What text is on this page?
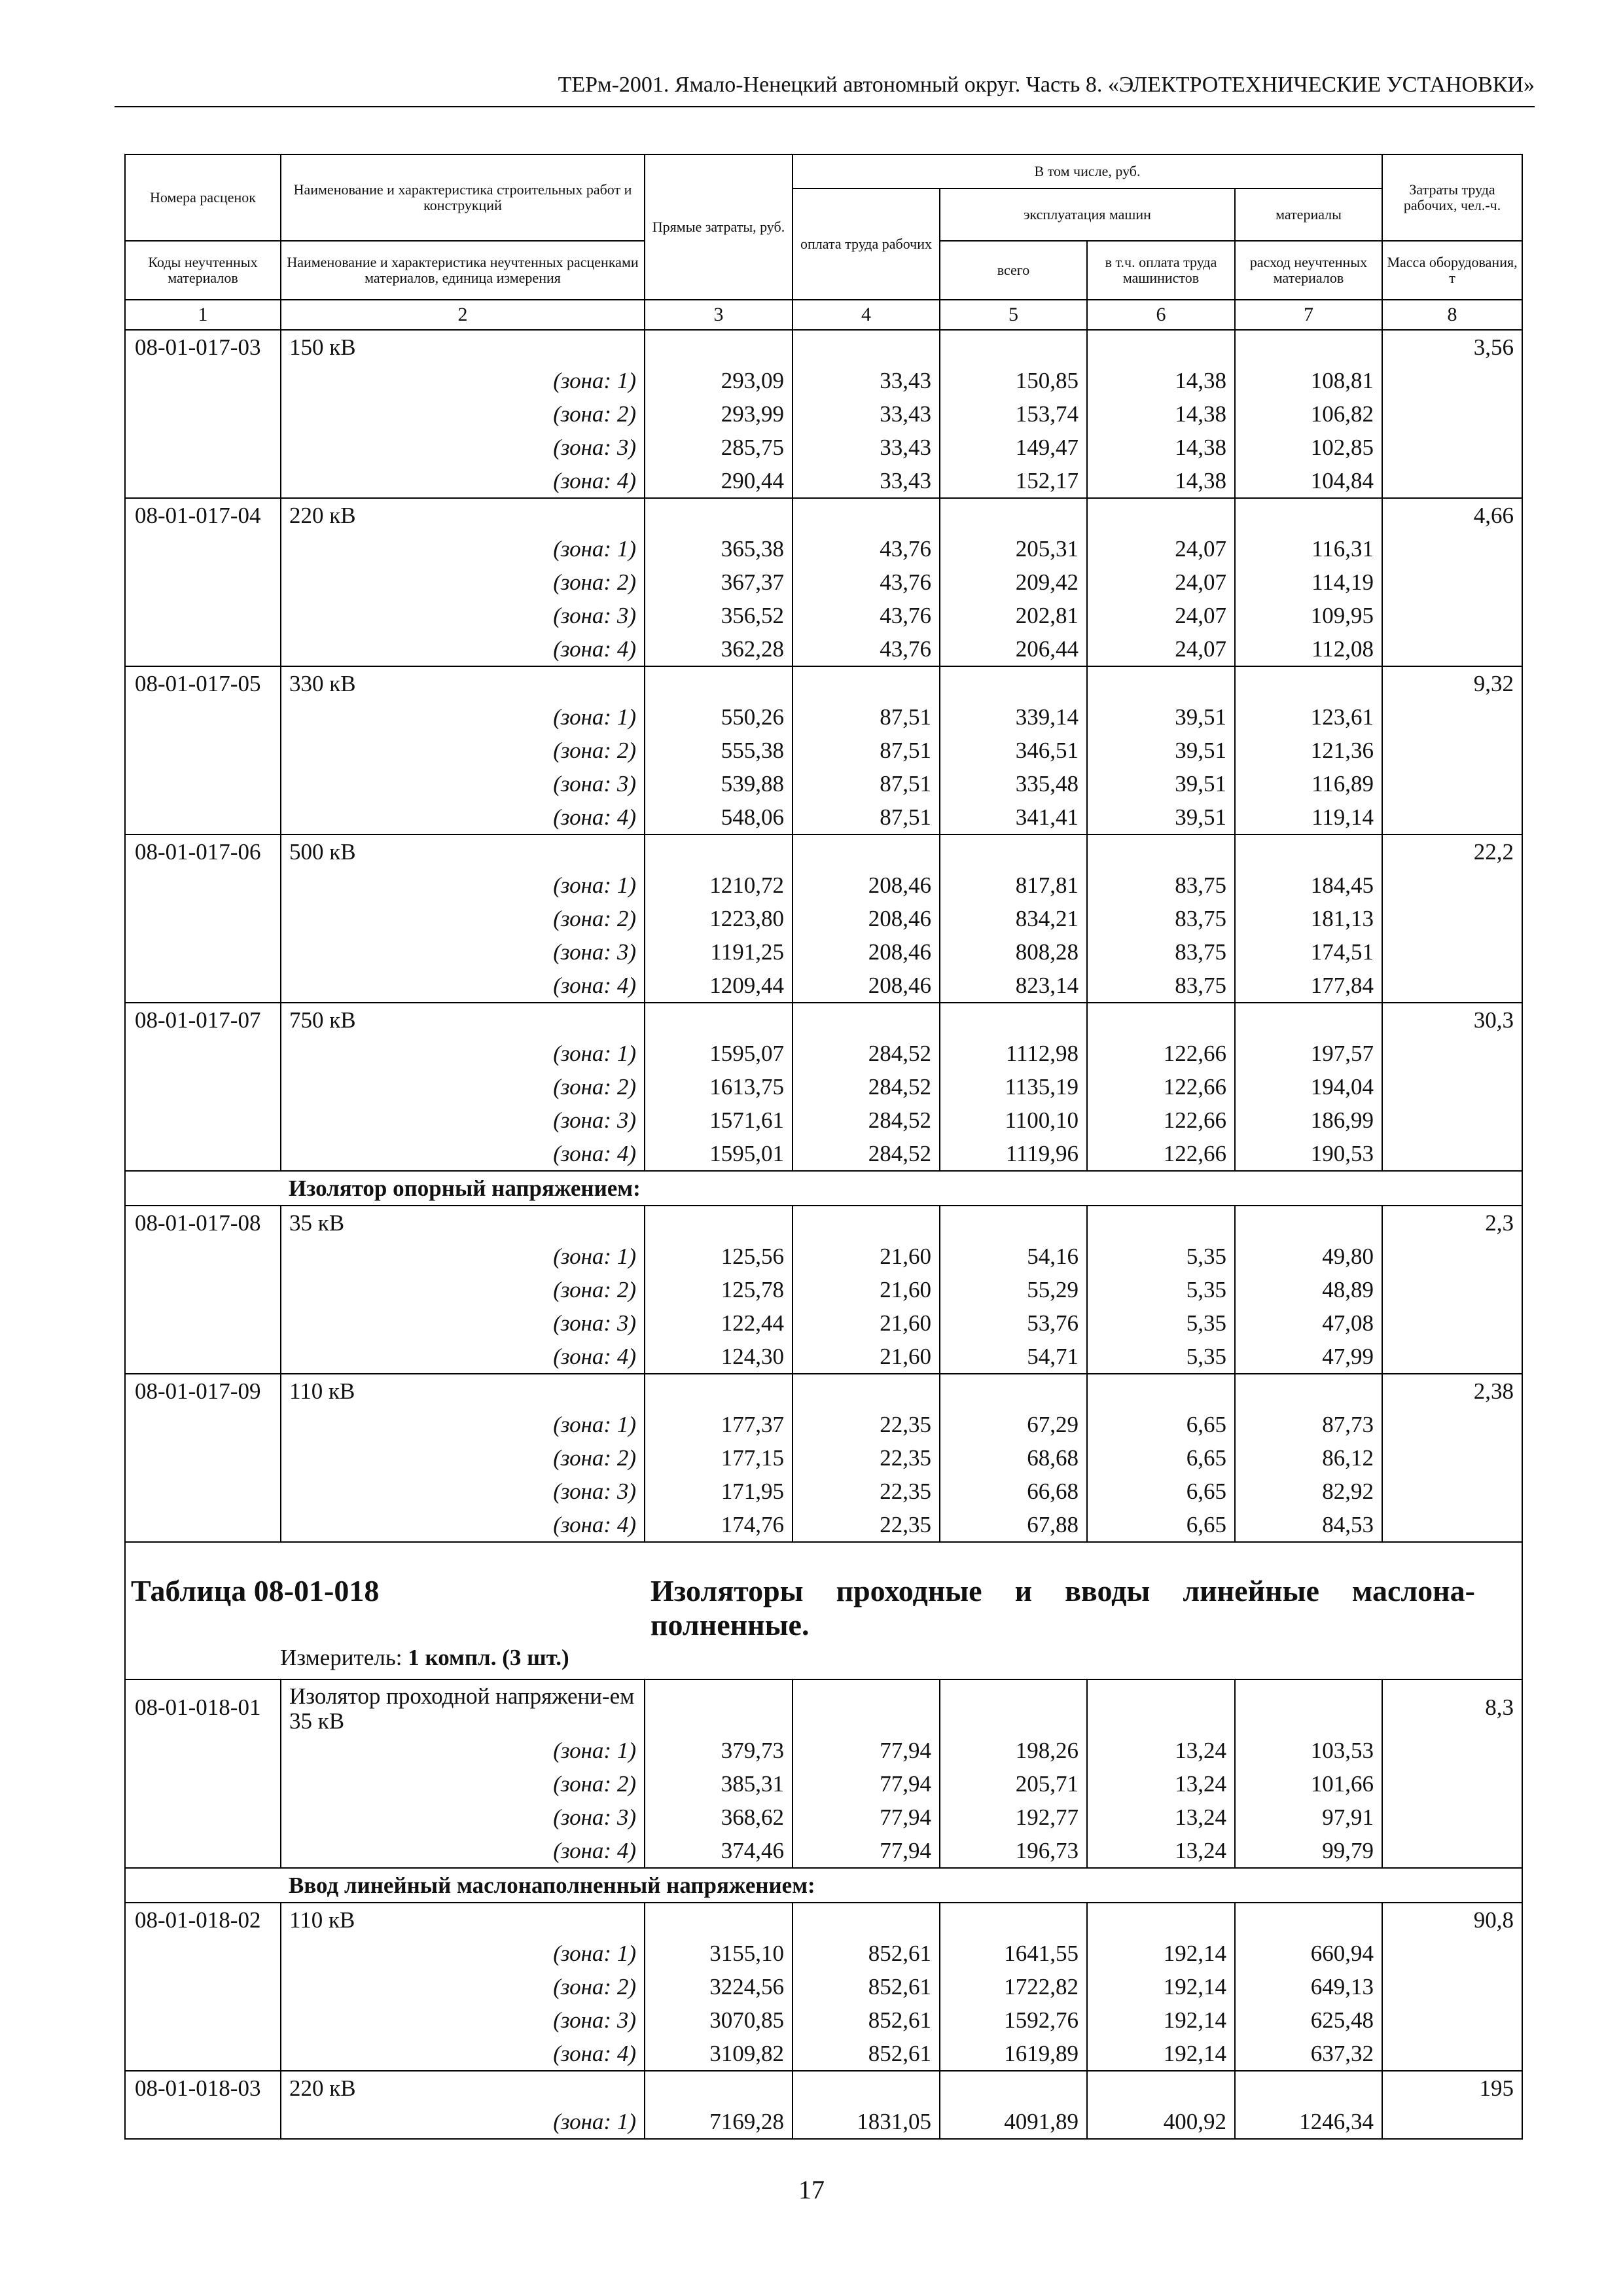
ТЕРм-2001. Ямало-Ненецкий автономный округ. Часть 8. «ЭЛЕКТРОТЕХНИЧЕСКИЕ УСТАНОВКИ»
Номера расценок	Наименование и характеристика строительных работ и конструкций	Прямые затраты, руб.	В том числе, руб.				Затраты труда рабочих, чел.-ч.
			оплата труда рабочих	эксплуатация машин		материалы	
Коды неучтенных материалов	Наименование и характеристика неучтенных расценками материалов, единица измерения			всего	в т.ч. оплата труда машинистов	расход неучтенных материалов	Масса оборудования, т
1	2	3	4	5	6	7	8
08-01-017-03	150 кВ						3,56
	(зона: 1)	293,09	33,43	150,85	14,38	108,81	
	(зона: 2)	293,99	33,43	153,74	14,38	106,82	
	(зона: 3)	285,75	33,43	149,47	14,38	102,85	
	(зона: 4)	290,44	33,43	152,17	14,38	104,84	
08-01-017-04	220 кВ						4,66
	(зона: 1)	365,38	43,76	205,31	24,07	116,31	
	(зона: 2)	367,37	43,76	209,42	24,07	114,19	
	(зона: 3)	356,52	43,76	202,81	24,07	109,95	
	(зона: 4)	362,28	43,76	206,44	24,07	112,08	
08-01-017-05	330 кВ						9,32
	(зона: 1)	550,26	87,51	339,14	39,51	123,61	
	(зона: 2)	555,38	87,51	346,51	39,51	121,36	
	(зона: 3)	539,88	87,51	335,48	39,51	116,89	
	(зона: 4)	548,06	87,51	341,41	39,51	119,14	
08-01-017-06	500 кВ						22,2
	(зона: 1)	1210,72	208,46	817,81	83,75	184,45	
	(зона: 2)	1223,80	208,46	834,21	83,75	181,13	
	(зона: 3)	1191,25	208,46	808,28	83,75	174,51	
	(зона: 4)	1209,44	208,46	823,14	83,75	177,84	
08-01-017-07	750 кВ						30,3
	(зона: 1)	1595,07	284,52	1112,98	122,66	197,57	
	(зона: 2)	1613,75	284,52	1135,19	122,66	194,04	
	(зона: 3)	1571,61	284,52	1100,10	122,66	186,99	
	(зона: 4)	1595,01	284,52	1119,96	122,66	190,53	
	Изолятор опорный напряжением:						
08-01-017-08	35 кВ						2,3
	(зона: 1)	125,56	21,60	54,16	5,35	49,80	
	(зона: 2)	125,78	21,60	55,29	5,35	48,89	
	(зона: 3)	122,44	21,60	53,76	5,35	47,08	
	(зона: 4)	124,30	21,60	54,71	5,35	47,99	
08-01-017-09	110 кВ						2,38
	(зона: 1)	177,37	22,35	67,29	6,65	87,73	
	(зона: 2)	177,15	22,35	68,68	6,65	86,12	
	(зона: 3)	171,95	22,35	66,68	6,65	82,92	
	(зона: 4)	174,76	22,35	67,88	6,65	84,53	

Таблица 08-01-018 Изоляторы проходные и вводы линейные маслона-полненные.
Измеритель: 1 компл. (3 шт.)							

08-01-018-01	Изолятор проходной напряжени-ем 35 кВ						8,3
	(зона: 1)	379,73	77,94	198,26	13,24	103,53	
	(зона: 2)	385,31	77,94	205,71	13,24	101,66	
	(зона: 3)	368,62	77,94	192,77	13,24	97,91	
	(зона: 4)	374,46	77,94	196,73	13,24	99,79	
	Ввод линейный маслонаполненный напряжением:						
08-01-018-02	110 кВ						90,8
	(зона: 1)	3155,10	852,61	1641,55	192,14	660,94	
	(зона: 2)	3224,56	852,61	1722,82	192,14	649,13	
	(зона: 3)	3070,85	852,61	1592,76	192,14	625,48	
	(зона: 4)	3109,82	852,61	1619,89	192,14	637,32	
08-01-018-03	220 кВ						195
	(зона: 1)	7169,28	1831,05	4091,89	400,92	1246,34	
17
